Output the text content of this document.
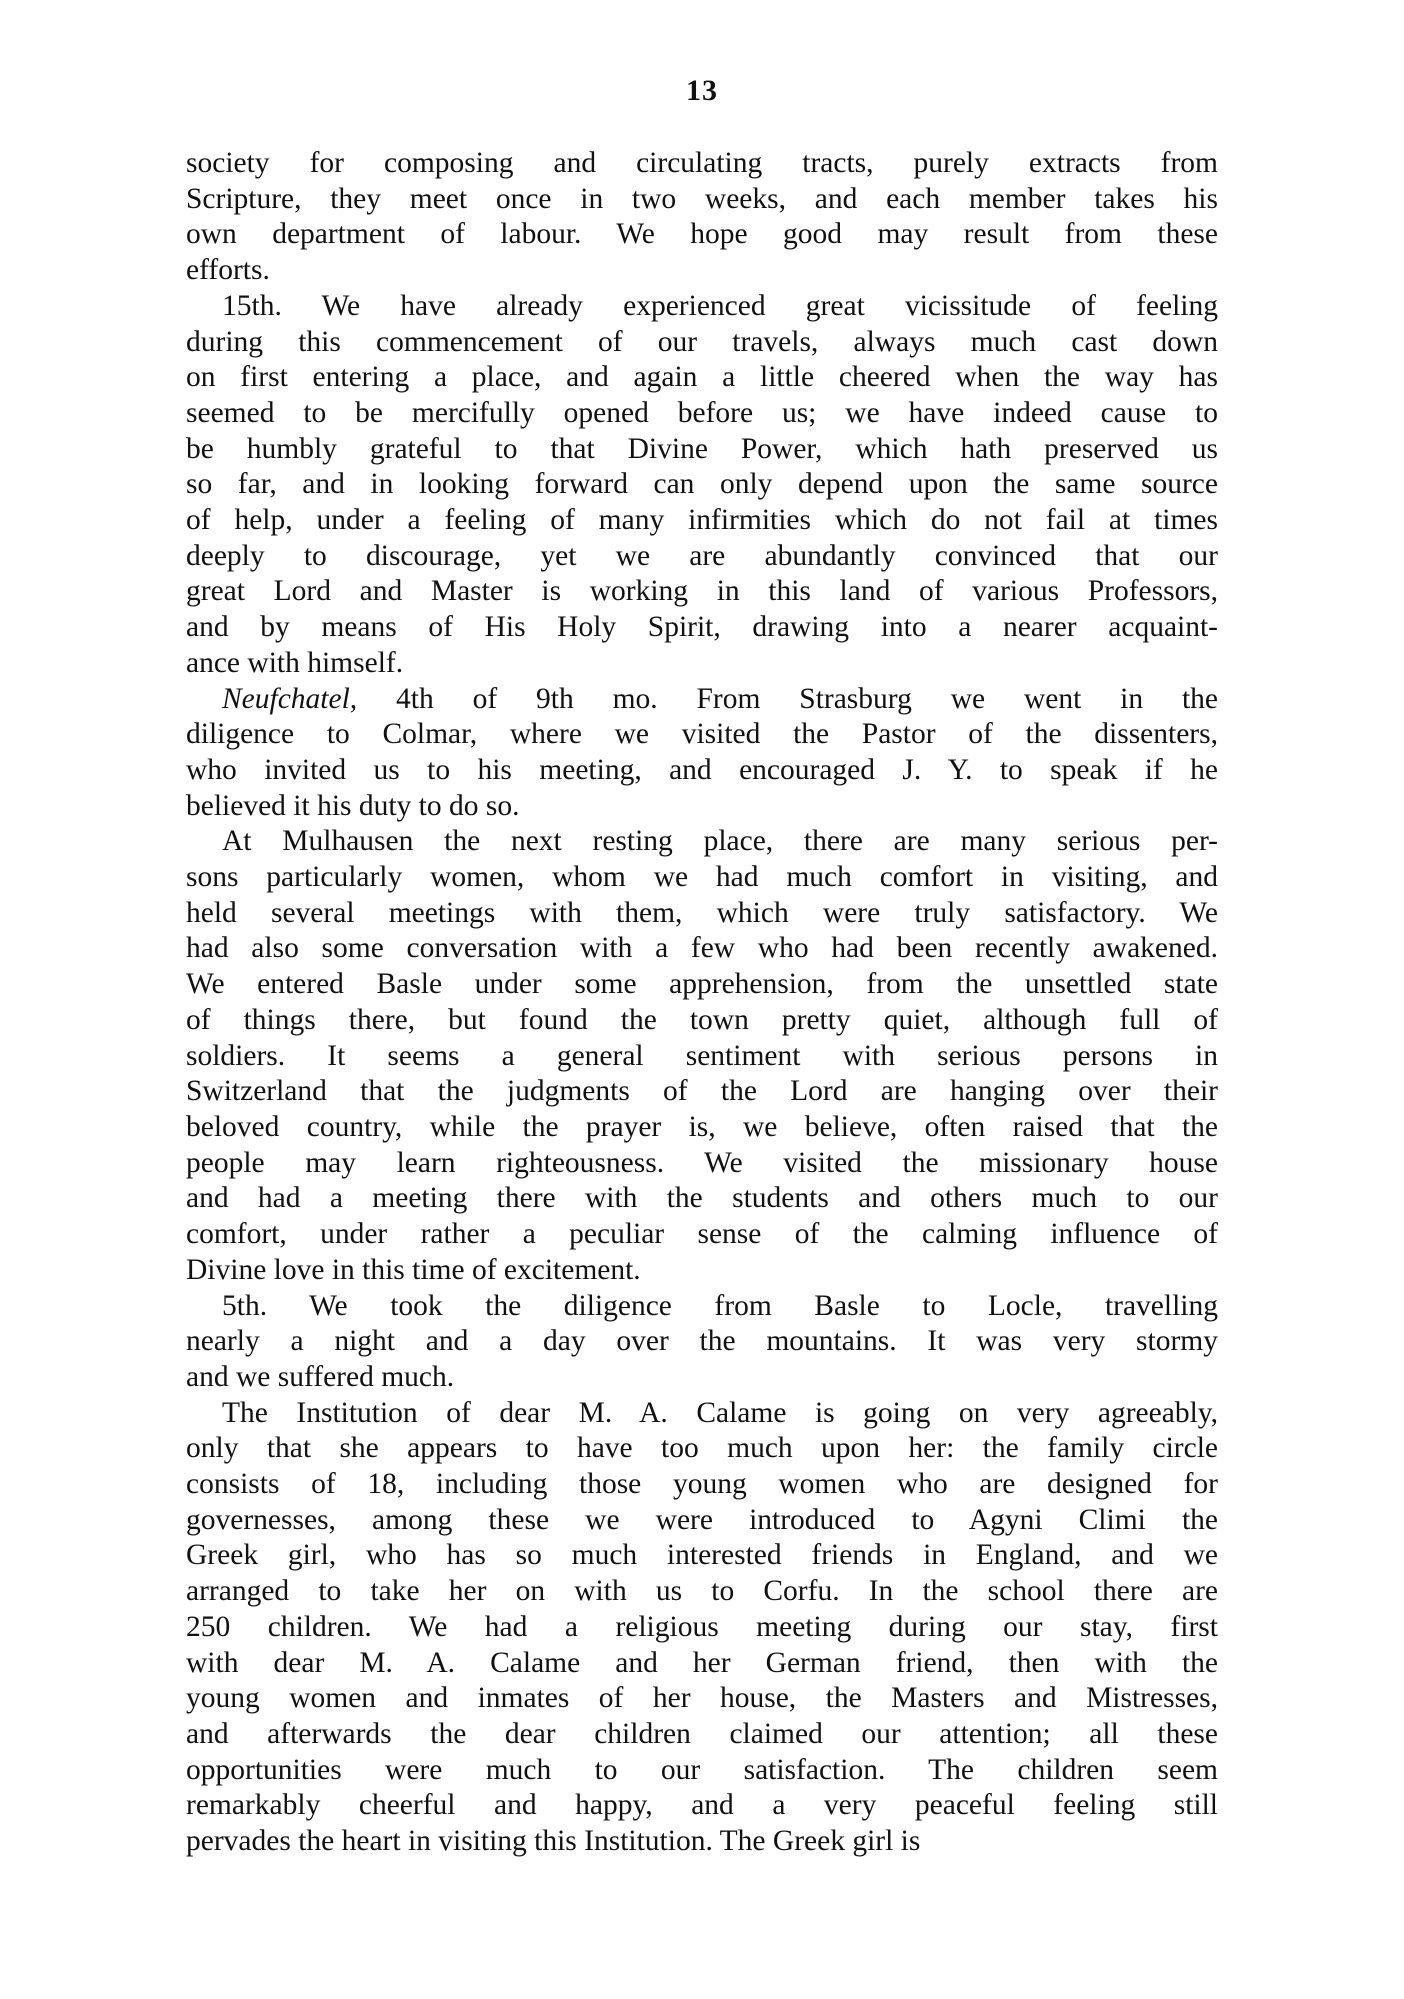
13
society for composing and circulating tracts, purely extracts from
Scripture, they meet once in two weeks, and each member takes his
own department of labour. We hope good may result from these
efforts.
15th. We have already experienced great vicissitude of feeling
during this commencement of our travels, always much cast down
on first entering a place, and again a little cheered when the way has
seemed to be mercifully opened before us; we have indeed cause to
be humbly grateful to that Divine Power, which hath preserved us
so far, and in looking forward can only depend upon the same source
of help, under a feeling of many infirmities which do not fail at times
deeply to discourage, yet we are abundantly convinced that our
great Lord and Master is working in this land of various Professors,
and by means of His Holy Spirit, drawing into a nearer acquaint-
ance with himself.
Neufchatel, 4th of 9th mo. From Strasburg we went in the
diligence to Colmar, where we visited the Pastor of the dissenters,
who invited us to his meeting, and encouraged J. Y. to speak if he
believed it his duty to do so.
At Mulhausen the next resting place, there are many serious per-
sons particularly women, whom we had much comfort in visiting, and
held several meetings with them, which were truly satisfactory. We
had also some conversation with a few who had been recently awakened.
We entered Basle under some apprehension, from the unsettled state
of things there, but found the town pretty quiet, although full of
soldiers. It seems a general sentiment with serious persons in
Switzerland that the judgments of the Lord are hanging over their
beloved country, while the prayer is, we believe, often raised that the
people may learn righteousness. We visited the missionary house
and had a meeting there with the students and others much to our
comfort, under rather a peculiar sense of the calming influence of
Divine love in this time of excitement.
5th. We took the diligence from Basle to Locle, travelling
nearly a night and a day over the mountains. It was very stormy
and we suffered much.
The Institution of dear M. A. Calame is going on very agreeably,
only that she appears to have too much upon her: the family circle
consists of 18, including those young women who are designed for
governesses, among these we were introduced to Agyni Climi the
Greek girl, who has so much interested friends in England, and we
arranged to take her on with us to Corfu. In the school there are
250 children. We had a religious meeting during our stay, first
with dear M. A. Calame and her German friend, then with the
young women and inmates of her house, the Masters and Mistresses,
and afterwards the dear children claimed our attention; all these
opportunities were much to our satisfaction. The children seem
remarkably cheerful and happy, and a very peaceful feeling still
pervades the heart in visiting this Institution. The Greek girl is
